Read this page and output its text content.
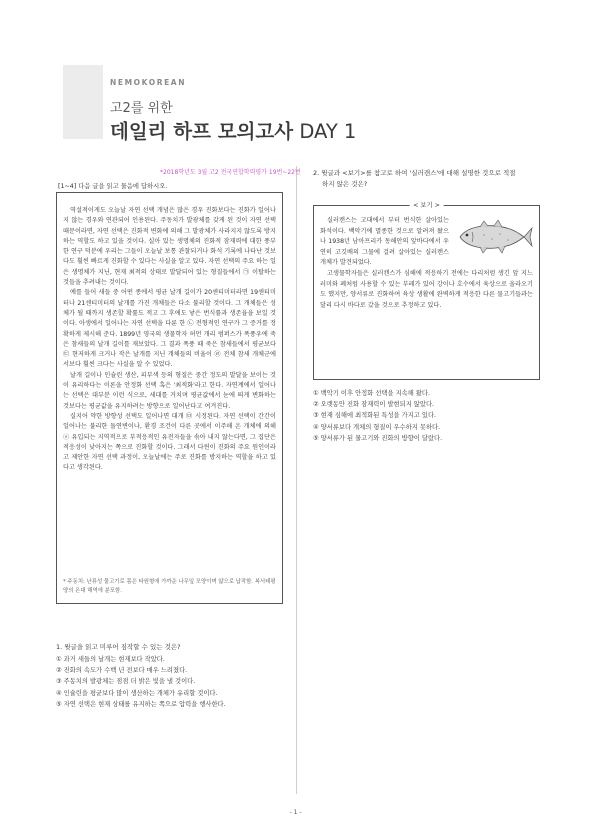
NEMOKOREAN
고2를 위한
데일리 하프 모의고사 DAY 1
*2018학년도 3월 고2 전국연합학력평가 19번~22번
[1~4] 다음 글을 읽고 물음에 답하시오.

역설적이게도 오늘날 자연 선택 개념은 많은 경우 진화보다는 진화가 일어나지 않는 경우와 연관되어 인용된다. 주동치가 발광체를 갖게 된 것이 자연 선택 때문이라면, 자연 선택은 진화적 변화에 의해 그 발광체가 사라지지 않도록 방지하는 역할도 하고 있을 것이다. 실아 있는 생명체의 진화적 잠재력에 대한 풍부한 연구 덕분에 우리는 그들이 오늘날 보통 관찰되거나 화석 기록에 나타난 것보다도 훨씬 빠르게 진화할 수 있다는 사실을 알고 있다. 자연 선택의 주요 하는 일은 생명체가 지닌, 현재 최적의 상태로 발달되어 있는 형질들에서 ㉠ 이탈하는 것들을 추려내는 것이다.

예를 들어 새들 중 어떤 종에서 평균 날개 길이가 20센티미터라면 19센티미터나 21센티미터의 날개를 가진 개체들은 다소 불리할 것이다. 그 개체들은 성체가 될 때까지 생존할 확률도 적고 그 후에도 낳은 번식률과 생존율을 보일 것이다. 아생에서 일어나는 자연 선택을 다룬 한 ㉡ 전형적인 연구가 그 증거를 정확하게 제시해 준다. 1899년 영국의 생물학자 허먼 개리 범퍼스가 폭풍우에 죽은 참새들의 날개 길이를 재보았다. 그 결과 폭풍 때 죽은 참새들에서 평균보다 ㉢ 현저하게 크거나 작은 날개를 지닌 개체들의 비율이 ㉣ 전체 참새 개체군에서보다 훨씬 크다는 사실을 알 수 있었다.

날개 길이나 인슐린 생산, 피부색 등의 형질은 중간 정도의 발달을 보이는 것이 유리하다는 이론을 안정화 선택 혹은 '최적화'라고 한다. 자연계에서 일어나는 선택은 대부분 이런 식으로, 세대를 거치며 평균값에서 눈에 띄게 변화하는 것보다는 평균값을 유지하려는 방향으로 일어난다고 여겨진다.

실지어 약한 방향성 선택도 일어나면 대개 ㉤ 시정된다. 자연 선택이 간간이 일어나는 불리한 돌연변이나, 환경 조건이 다른 곳에서 이주해 온 개체에 의해 ⓐ 유입되는 지역적으로 부적응적인 유전자들을 솎아 내지 않는다면, 그 집단은 적응성이 낮아지는 쪽으로 진화할 것이다. 그래서 다윈이 진화의 주요 원인이라고 제안한 자연 선택 과정이, 오늘날에는 주로 진화를 방지하는 역할을 하고 있다고 생각된다.

* 주동치: 난류성 물고기로 몸은 타원형에 가까운 나무잎 모양이며 얇으로 납작함. 복서태평양의 온대 해역에 분포함.
1. 윗글을 읽고 미루어 짐작할 수 있는 것은?
① 과거 새들의 날개는 현재보다 작았다.
② 진화의 속도가 수백 년 전보다 매우 느려졌다.
③ 주동치의 발광체는 점점 더 밝은 빛을 낼 것이다.
④ 인슐린을 평균보다 많이 생산하는 개체가 유리할 것이다.
⑤ 자연 선택은 현재 상태를 유지하는 쪽으로 압력을 행사한다.
2. 윗글과 <보기>를 참고로 하여 '실러캔스'에 대해 설명한 것으로 적절
하지 않은 것은?
< 보기 >

실러캔스는 고대에서 부터 번식한 살아있는 화석이다. 백악기에 멸종한 것으로 알려져 왔으나 1938년 남아프리카 동해안의 앞바다에서 우연히 고깃배의 그물에 걸려 살아있는 실러캔스 개체가 발견되었다.

고생물학자들은 실러캔스가 심해에 적응하기 전에는 다리처럼 생긴 앞 지느러미와 폐처럼 사용할 수 있는 부레가 있어 강이나 호수에서 육상으로 올라오기도 했지만, 양서류로 진화하여 육상 생활에 완벽하게 적응한 다른 물고기들과는 달리 다시 바다로 갔을 것으로 추정하고 있다.

① 백악기 이후 안정화 선택을 지속해 왔다.
② 오랫동안 진화 잠재력이 발현되지 않았다.
③ 현재 심해에 최적화된 특성을 가지고 있다.
④ 양서류보다 개체의 형질이 우수하지 못하다.
⑤ 양서류가 된 물고기와 진화의 방향이 달랐다.
- 1 -
